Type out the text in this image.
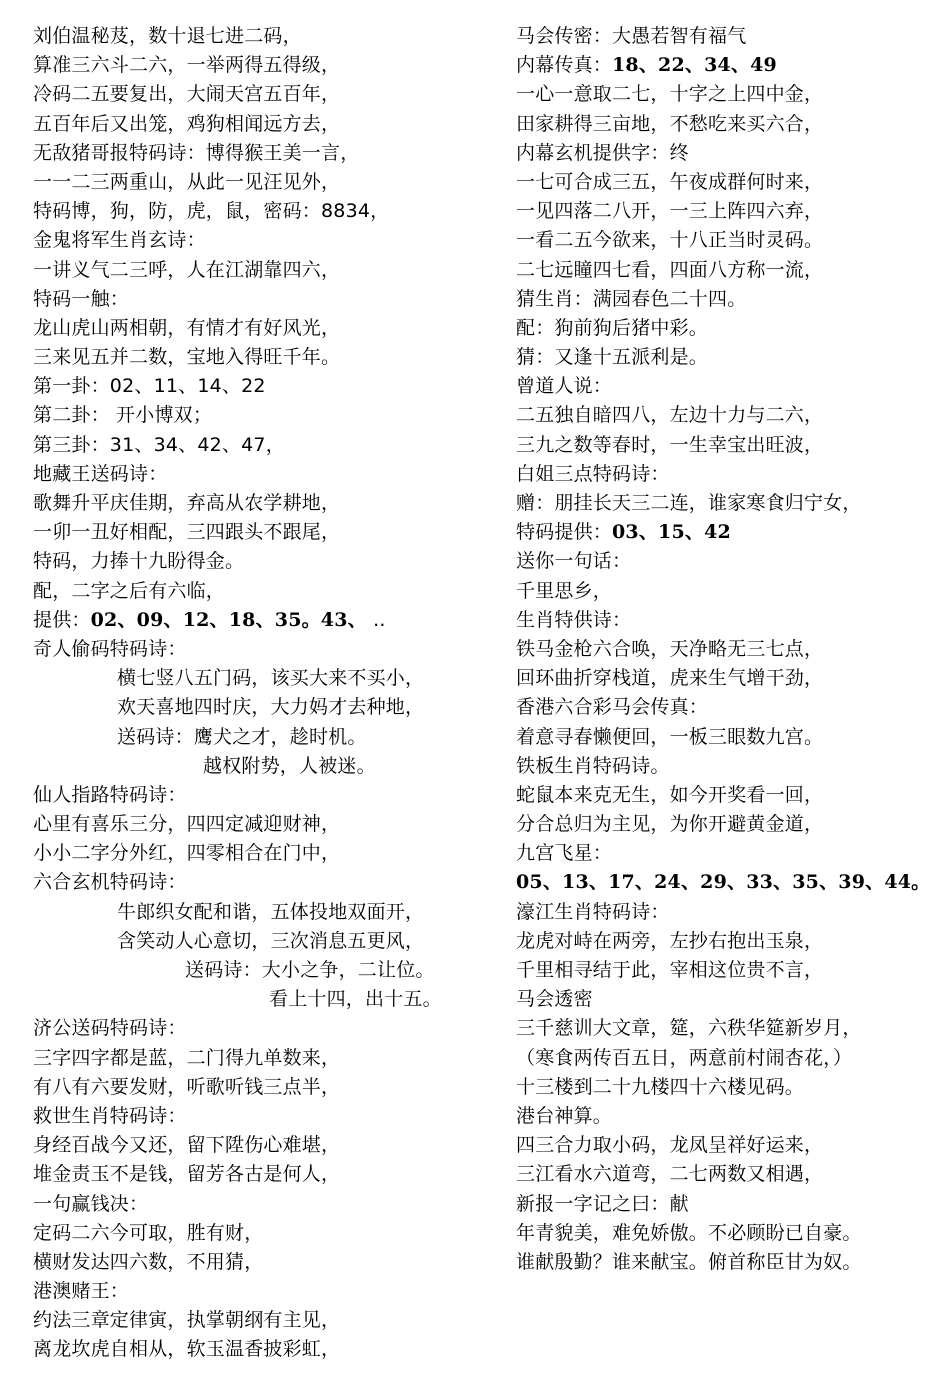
刘伯温秘芨，数十退七进二码，
算准三六斗二六，一举两得五得级，
冷码二五要复出，大闹天宫五百年，
五百年后又出笼，鸡狗相闻远方去，
无敌猪哥报特码诗：博得猴王美一言，
一一二三两重山，从此一见汪见外，
特码博，狗，防，虎，鼠，密码：8834，
金鬼将军生肖玄诗：
一讲义气二三呼，人在江湖靠四六，
特码一触：
龙山虎山两相朝，有情才有好风光，
三来见五并二数，宝地入得旺千年。
第一卦：02、11、14、22
第二卦： 开小博双；
第三卦：31、34、42、47，
地藏王送码诗：
歌舞升平庆佳期，弃高从农学耕地，
一卯一丑好相配，三四跟头不跟尾，
特码，力捧十九盼得金。
配，二字之后有六临，
提供：02、09、12、18、35。43、 ..
奇人偷码特码诗：
横七竖八五门码，该买大来不买小，
欢天喜地四时庆，大力妈才去种地，
送码诗：鹰犬之才，趁时机。
越权附势，人被迷。
仙人指路特码诗：
心里有喜乐三分，四四定减迎财神，
小小二字分外红，四零相合在门中，
六合玄机特码诗：
牛郎织女配和谐，五体投地双面开，
含笑动人心意切，三次消息五更风，
送码诗：大小之争，二让位。
看上十四，出十五。
济公送码特码诗：
三字四字都是蓝，二门得九单数来，
有八有六要发财，听歌听钱三点半，
救世生肖特码诗：
身经百战今又还，留下陞伤心难堪，
堆金责玉不是钱，留芳各古是何人，
一句赢钱决：
定码二六今可取，胜有财，
横财发达四六数，不用猜，
港澳赌王：
约法三章定律寅，执掌朝纲有主见，
离龙坎虎自相从，软玉温香披彩虹，
马会传密：大愚若智有福气
内幕传真：18、22、34、49
一心一意取二七，十字之上四中金，
田家耕得三亩地，不愁吃来买六合，
内幕玄机提供字：终
一七可合成三五，午夜成群何时来，
一见四落二八开，一三上阵四六弃，
一看二五今欲来，十八正当时灵码。
二七远瞳四七看，四面八方称一流，
猜生肖：满园春色二十四。
配：狗前狗后猪中彩。
猜：又逢十五派利是。
曾道人说：
二五独自暗四八，左边十力与二六，
三九之数等春时，一生幸宝出旺波，
白姐三点特码诗：
赠：朋挂长天三二连，谁家寒食归宁女，
特码提供：03、15、42
送你一句话：
千里思乡，
生肖特供诗：
铁马金枪六合唤，天净略无三七点，
回环曲折穿栈道，虎来生气增干劲，
香港六合彩马会传真：
着意寻春懒便回，一板三眼数九宫。
铁板生肖特码诗。
蛇鼠本来克无生，如今开奖看一回，
分合总归为主见，为你开避黄金道，
九宫飞星：
05、13、17、24、29、33、35、39、44。
濠江生肖特码诗：
龙虎对峙在两旁，左抄右抱出玉泉，
千里相寻结于此，宰相这位贵不言，
马会透密
三千慈训大文章，筵，六秩华筵新岁月，
（寒食两传百五日，两意前村闹杏花，）
十三楼到二十九楼四十六楼见码。
港台神算。
四三合力取小码，龙凤呈祥好运来，
三江看水六道弯，二七两数又相遇，
新报一字记之曰：献
年青貌美，难免娇傲。不必顾盼已自豪。
谁献殷勤？谁来献宝。俯首称臣甘为奴。
